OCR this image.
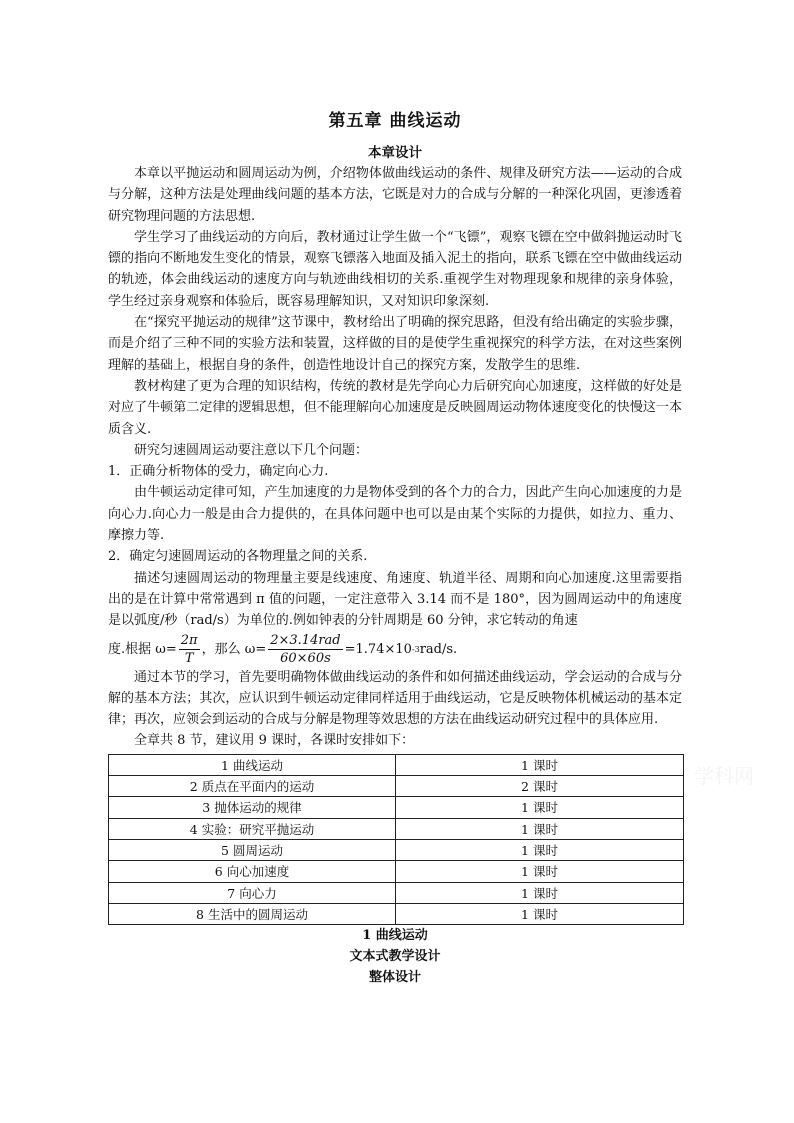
学科网
第五章 曲线运动
本章设计

本章以平抛运动和圆周运动为例，介绍物体做曲线运动的条件、规律及研究方法——运动的合成与分解，这种方法是处理曲线问题的基本方法，它既是对力的合成与分解的一种深化巩固，更渗透着研究物理问题的方法思想.

学生学习了曲线运动的方向后，教材通过让学生做一个“飞镖”，观察飞镖在空中做斜抛运动时飞镖的指向不断地发生变化的情景，观察飞镖落入地面及插入泥土的指向，联系飞镖在空中做曲线运动的轨迹，体会曲线运动的速度方向与轨迹曲线相切的关系.重视学生对物理现象和规律的亲身体验，学生经过亲身观察和体验后，既容易理解知识，又对知识印象深刻.

在“探究平抛运动的规律”这节课中，教材给出了明确的探究思路，但没有给出确定的实验步骤，而是介绍了三种不同的实验方法和装置，这样做的目的是使学生重视探究的科学方法，在对这些案例理解的基础上，根据自身的条件，创造性地设计自己的探究方案，发散学生的思维.

教材构建了更为合理的知识结构，传统的教材是先学向心力后研究向心加速度，这样做的好处是对应了牛顿第二定律的逻辑思想，但不能理解向心加速度是反映圆周运动物体速度变化的快慢这一本质含义.

研究匀速圆周运动要注意以下几个问题：

1．正确分析物体的受力，确定向心力.

由牛顿运动定律可知，产生加速度的力是物体受到的各个力的合力，因此产生向心加速度的力是向心力.向心力一般是由合力提供的，在具体问题中也可以是由某个实际的力提供，如拉力、重力、摩擦力等.

2．确定匀速圆周运动的各物理量之间的关系.

描述匀速圆周运动的物理量主要是线速度、角速度、轨道半径、周期和向心加速度.这里需要指出的是在计算中常常遇到 π 值的问题，一定注意带入 3.14 而不是 180°，因为圆周运动中的角速度是以弧度/秒（rad/s）为单位的.例如钟表的分针周期是 60 分钟，求它转动的角速

度.根据 $\omega= \frac{2\pi}{T}$ ，那么 $\omega= \frac{\text{2×3.14rad}}{60\times 60s} =1.74\times 10$ -3 rad/s.

通过本节的学习，首先要明确物体做曲线运动的条件和如何描述曲线运动，学会运动的合成与分解的基本方法；其次，应认识到牛顿运动定律同样适用于曲线运动，它是反映物体机械运动的基本定律；再次，应领会到运动的合成与分解是物理等效思想的方法在曲线运动研究过程中的具体应用.

全章共 8 节，建议用 9 课时，各课时安排如下：

1 曲线运动	1 课时
2 质点在平面内的运动	2 课时
3 抛体运动的规律	1 课时
4 实验：研究平抛运动	1 课时
5 圆周运动	1 课时
6 向心加速度	1 课时
7 向心力	1 课时
8 生活中的圆周运动	1 课时
1 曲线运动
文本式教学设计
整体设计
